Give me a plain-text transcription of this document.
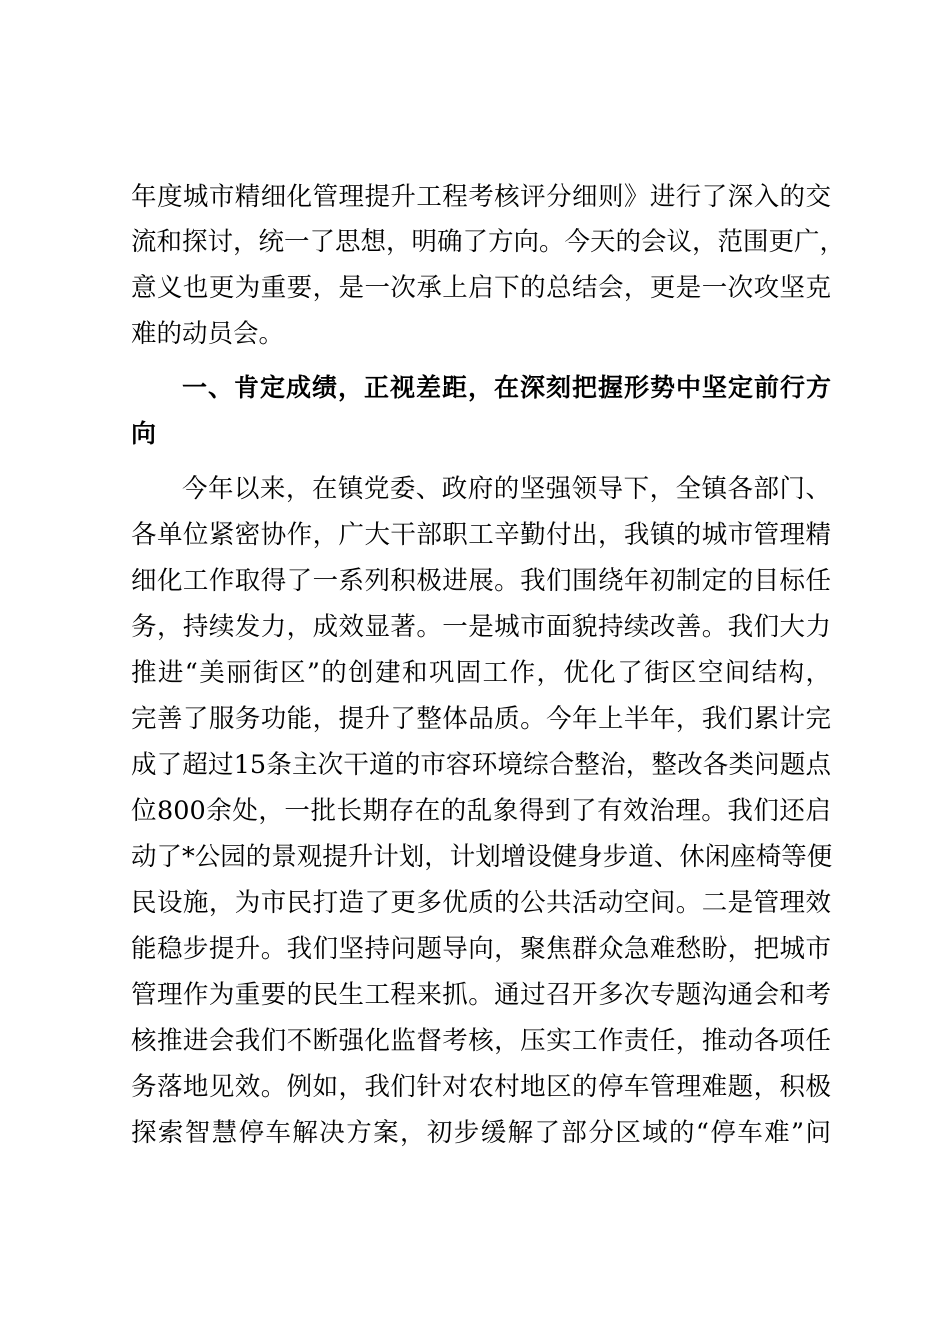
年度城市精细化管理提升工程考核评分细则》进行了深入的交
流和探讨，统一了思想，明确了方向。今天的会议，范围更广，
意义也更为重要，是一次承上启下的总结会，更是一次攻坚克
难的动员会。
一、肯定成绩，正视差距，在深刻把握形势中坚定前行方
向
今年以来，在镇党委、政府的坚强领导下，全镇各部门、
各单位紧密协作，广大干部职工辛勤付出，我镇的城市管理精
细化工作取得了一系列积极进展。我们围绕年初制定的目标任
务，持续发力，成效显著。一是城市面貌持续改善。我们大力
推进“美丽街区”的创建和巩固工作，优化了街区空间结构，
完善了服务功能，提升了整体品质。今年上半年，我们累计完
成了超过15条主次干道的市容环境综合整治，整改各类问题点
位800余处，一批长期存在的乱象得到了有效治理。我们还启
动了*公园的景观提升计划，计划增设健身步道、休闲座椅等便
民设施，为市民打造了更多优质的公共活动空间。二是管理效
能稳步提升。我们坚持问题导向，聚焦群众急难愁盼，把城市
管理作为重要的民生工程来抓。通过召开多次专题沟通会和考
核推进会我们不断强化监督考核，压实工作责任，推动各项任
务落地见效。例如，我们针对农村地区的停车管理难题，积极
探索智慧停车解决方案，初步缓解了部分区域的“停车难”问
